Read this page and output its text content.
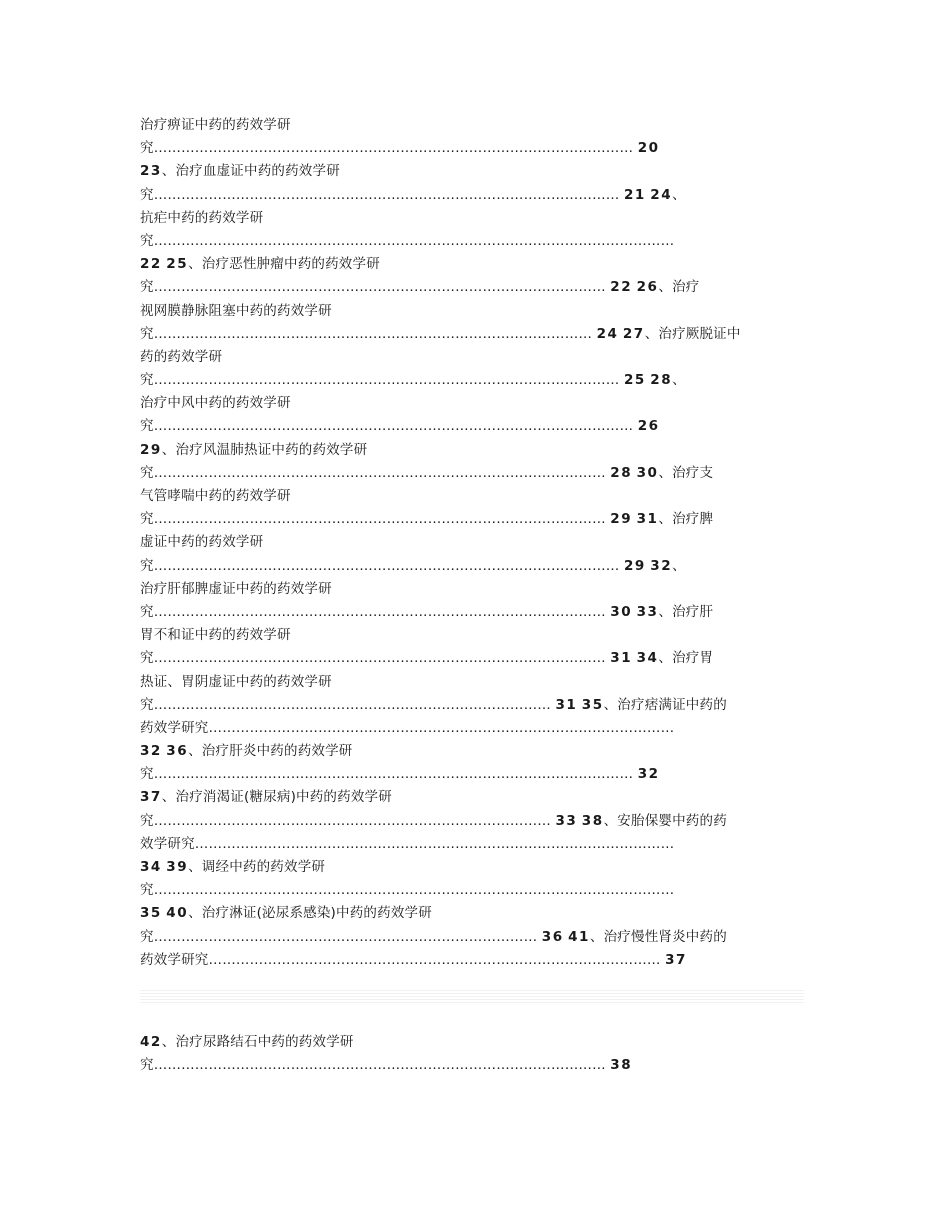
治疗痹证中药的药效学研
究…………………………………………………………………………………………… 20
23、治疗血虚证中药的药效学研
究………………………………………………………………………………………… 21 24、
抗疟中药的药效学研
究……………………………………………………………………………………………………
22 25、治疗恶性肿瘤中药的药效学研
究……………………………………………………………………………………… 22 26、治疗
视网膜静脉阻塞中药的药效学研
究…………………………………………………………………………………… 24 27、治疗厥脱证中
药的药效学研
究………………………………………………………………………………………… 25 28、
治疗中风中药的药效学研
究…………………………………………………………………………………………… 26
29、治疗风温肺热证中药的药效学研
究……………………………………………………………………………………… 28 30、治疗支
气管哮喘中药的药效学研
究……………………………………………………………………………………… 29 31、治疗脾
虚证中药的药效学研
究………………………………………………………………………………………… 29 32、
治疗肝郁脾虚证中药的药效学研
究……………………………………………………………………………………… 30 33、治疗肝
胃不和证中药的药效学研
究……………………………………………………………………………………… 31 34、治疗胃
热证、胃阴虚证中药的药效学研
究…………………………………………………………………………… 31 35、治疗痞满证中药的
药效学研究…………………………………………………………………………………………
32 36、治疗肝炎中药的药效学研
究…………………………………………………………………………………………… 32
37、治疗消渴证(糖尿病)中药的药效学研
究…………………………………………………………………………… 33 38、安胎保婴中药的药
效学研究……………………………………………………………………………………………
34 39、调经中药的药效学研
究……………………………………………………………………………………………………
35 40、治疗淋证(泌尿系感染)中药的药效学研
究………………………………………………………………………… 36 41、治疗慢性肾炎中药的
药效学研究……………………………………………………………………………………… 37
42、治疗尿路结石中药的药效学研
究……………………………………………………………………………………… 38
